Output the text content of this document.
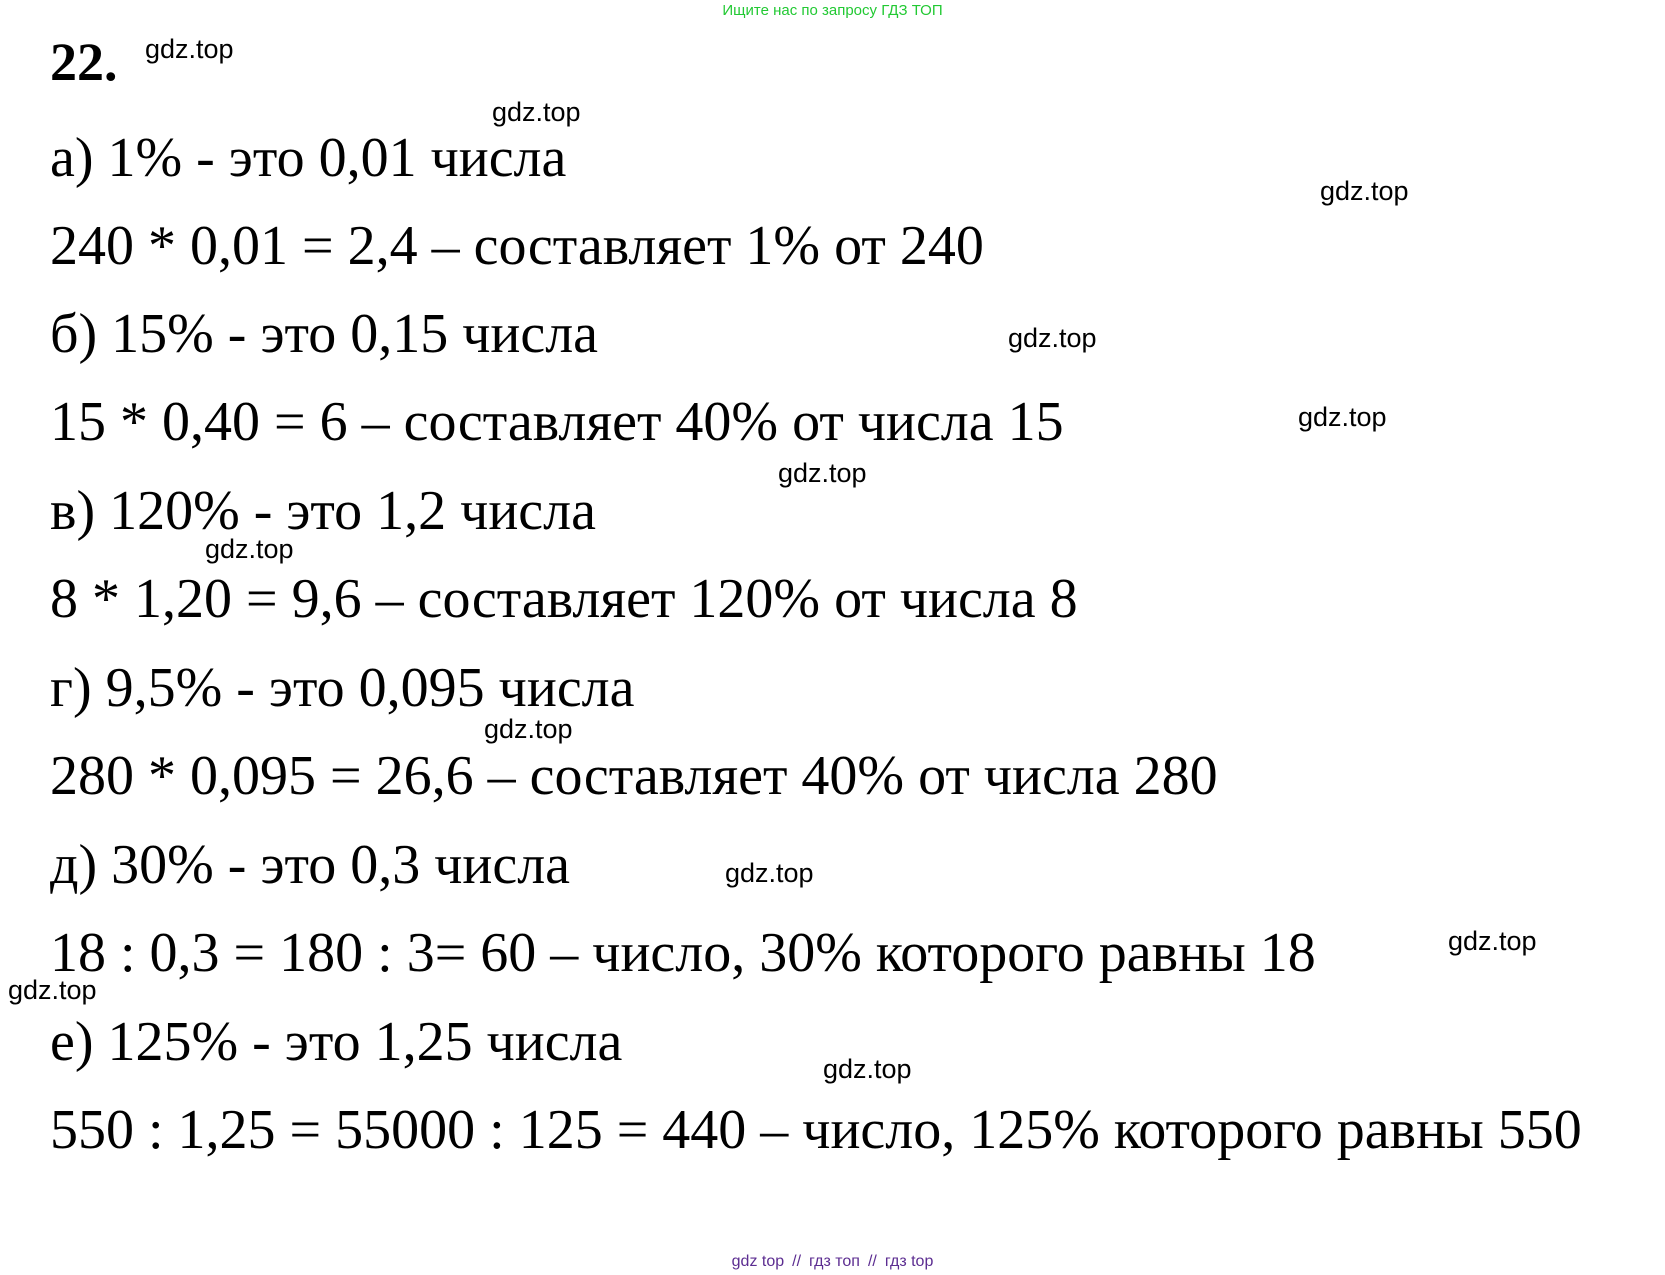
Ищите нас по запросу ГДЗ ТОП
22.
а) 1% - это 0,01 числа
240 * 0,01 = 2,4 – составляет 1% от 240
б) 15% - это 0,15 числа
15 * 0,40 = 6 – составляет 40% от числа 15
в) 120% - это 1,2 числа
8 * 1,20 = 9,6 – составляет 120% от числа 8
г) 9,5% - это 0,095 числа
280 * 0,095 = 26,6 – составляет 40% от числа 280
д) 30% - это 0,3 числа
18 : 0,3 = 180 : 3= 60 – число, 30% которого равны 18
е) 125% - это 1,25 числа
550 : 1,25 = 55000 : 125 = 440 – число, 125% которого равны 550
gdz.top
gdz.top
gdz.top
gdz.top
gdz.top
gdz.top
gdz.top
gdz.top
gdz.top
gdz.top
gdz.top
gdz.top
gdz top // гдз топ // гдз top
